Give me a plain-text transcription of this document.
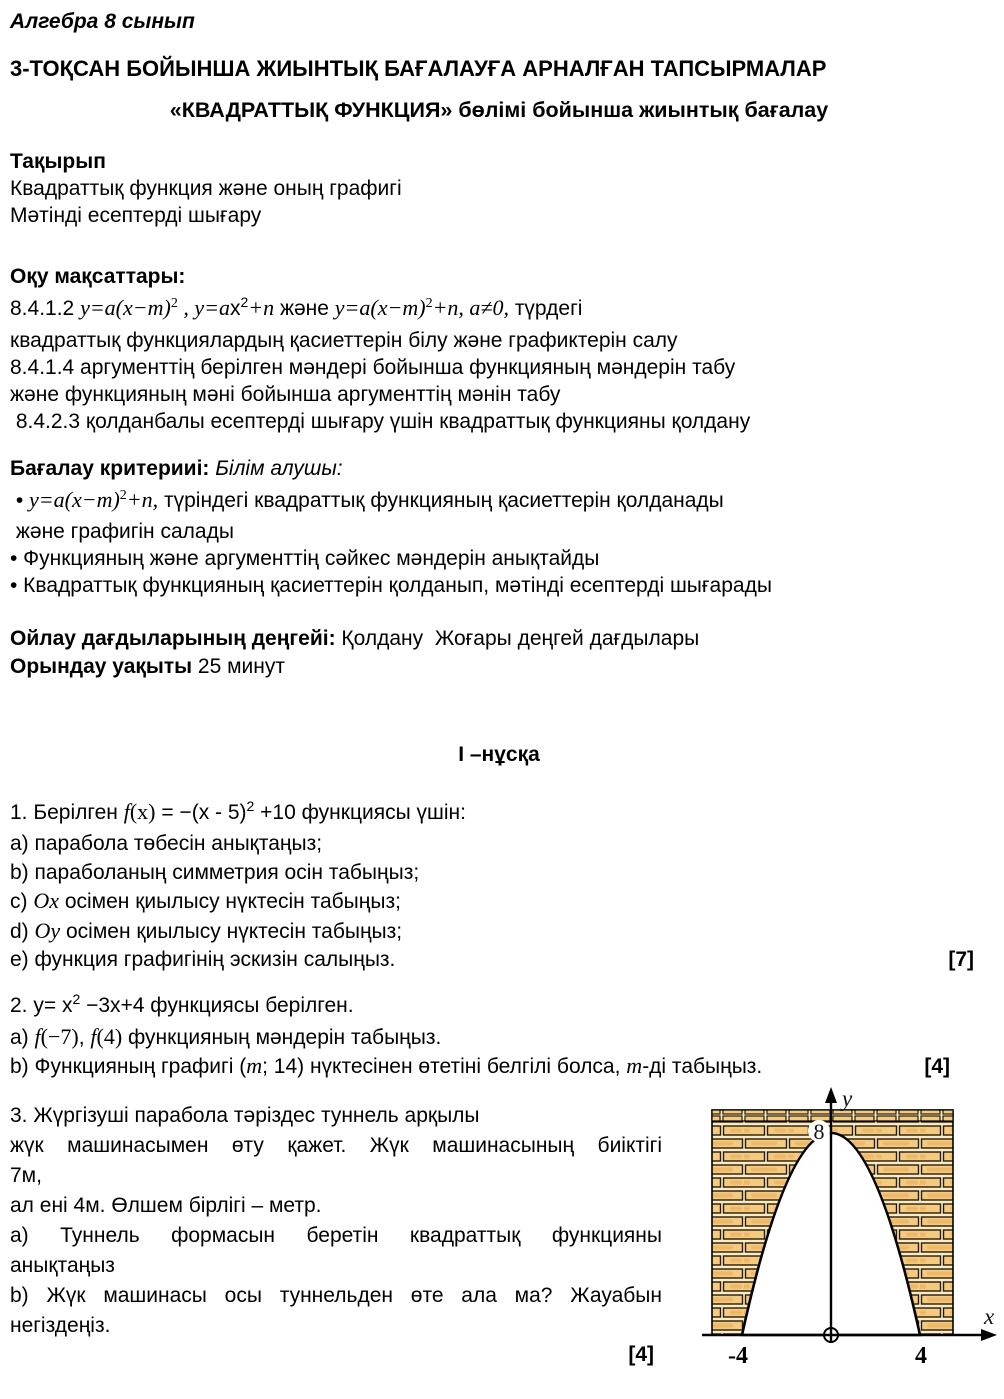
Алгебра 8 сынып
3-ТОҚСАН БОЙЫНША ЖИЫНТЫҚ БАҒАЛАУҒА АРНАЛҒАН ТАПСЫРМАЛАР
«КВАДРАТТЫҚ ФУНКЦИЯ» бөлімі бойынша жиынтық бағалау
Тақырып
Квадраттық функция және оның графигі
Мәтінді есептерді шығару
Оқу мақсаттары:
8.4.1.2 $y=a(x-m)^2$ , $y=aх^2+n$ және $y=a(x-m)^2+n$, a≠0, түрдегі
квадраттық функциялардың қасиеттерін білу және графиктерін салу
8.4.1.4 аргументтің берілген мәндері бойынша функцияның мәндерін табу
және функцияның мәні бойынша аргументтің мәнін табу
8.4.2.3 қолданбалы есептерді шығару үшін квадраттық функцияны қолдану
Бағалау критерииі: Білім алушы:
• $y=a(x-m)^2+n$, түріндегі квадраттық функцияның қасиеттерін қолданады
және графигін салады
• Функцияның және аргументтің сәйкес мәндерін анықтайды
• Квадраттық функцияның қасиеттерін қолданып, мәтінді есептерді шығарады
Ойлау дағдыларының деңгейі: Қолдану  Жоғары деңгей дағдылары
Орындау уақыты 25 минут
І –нұсқа
1. Берілген f(x) = −(x - 5)$^2$ +10 функциясы үшін:
a) парабола төбесін анықтаңыз;
b) параболаның симметрия осін табыңыз;
c) Ox осімен қиылысу нүктесін табыңыз;
d) Oy осімен қиылысу нүктесін табыңыз;
e) функция графигінің эскизін салыңыз.	[7]
2. $y= x^2 -3x+4$ функциясы берілген.
a) f(−7), f(4) функцияның мәндерін табыңыз.
b) Функцияның графигі (m; 14) нүктесінен өтетіні белгілі болса, m-ді табыңыз.	[4]
3. Жүргізуші парабола тәріздес туннель арқылы
жүк машинасымен өту қажет. Жүк машинасының биіктігі
7м,
ал ені 4м. Өлшем бірлігі – метр.
а) Туннель формасын беретін квадраттық функцияны
анықтаңыз
b) Жүк машинасы осы туннельден өте ала ма? Жауабын
негіздеңіз.
[4]
y
x
8
-4	4
